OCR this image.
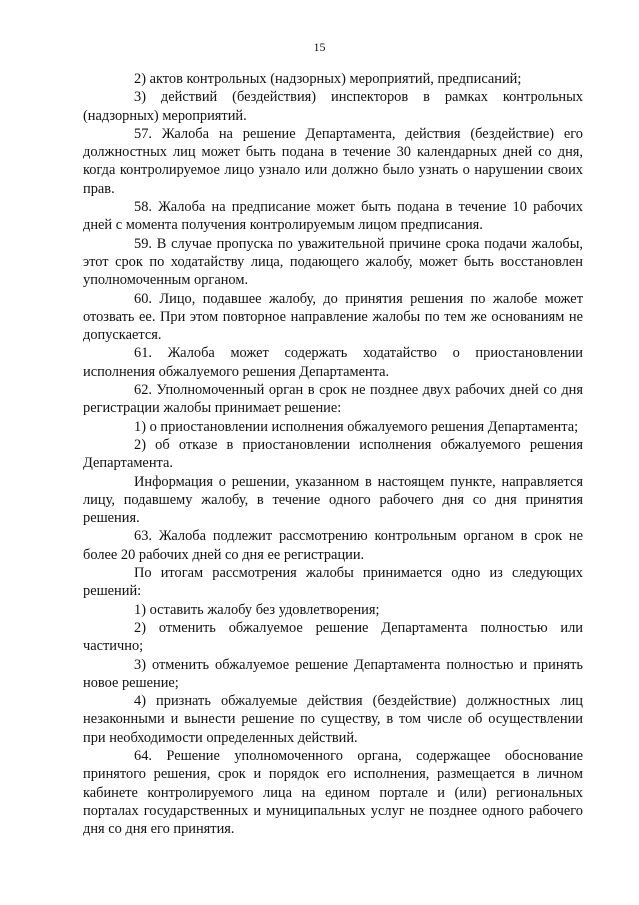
15

2) актов контрольных (надзорных) мероприятий, предписаний;

3) действий (бездействия) инспекторов в рамках контрольных (надзорных) мероприятий.

57. Жалоба на решение Департамента, действия (бездействие) его должностных лиц может быть подана в течение 30 календарных дней со дня, когда контролируемое лицо узнало или должно было узнать о нарушении своих прав.

58. Жалоба на предписание может быть подана в течение 10 рабочих дней с момента получения контролируемым лицом предписания.

59. В случае пропуска по уважительной причине срока подачи жалобы, этот срок по ходатайству лица, подающего жалобу, может быть восстановлен уполномоченным органом.

60. Лицо, подавшее жалобу, до принятия решения по жалобе может отозвать ее. При этом повторное направление жалобы по тем же основаниям не допускается.

61. Жалоба может содержать ходатайство о приостановлении исполнения обжалуемого решения Департамента.

62. Уполномоченный орган в срок не позднее двух рабочих дней со дня регистрации жалобы принимает решение:

1) о приостановлении исполнения обжалуемого решения Департамента;

2) об отказе в приостановлении исполнения обжалуемого решения Департамента.

Информация о решении, указанном в настоящем пункте, направляется лицу, подавшему жалобу, в течение одного рабочего дня со дня принятия решения.

63. Жалоба подлежит рассмотрению контрольным органом в срок не более 20 рабочих дней со дня ее регистрации.

По итогам рассмотрения жалобы принимается одно из следующих решений:

1) оставить жалобу без удовлетворения;

2) отменить обжалуемое решение Департамента полностью или частично;

3) отменить обжалуемое решение Департамента полностью и принять новое решение;

4) признать обжалуемые действия (бездействие) должностных лиц незаконными и вынести решение по существу, в том числе об осуществлении при необходимости определенных действий.

64. Решение уполномоченного органа, содержащее обоснование принятого решения, срок и порядок его исполнения, размещается в личном кабинете контролируемого лица на едином портале и (или) региональных порталах государственных и муниципальных услуг не позднее одного рабочего дня со дня его принятия.
